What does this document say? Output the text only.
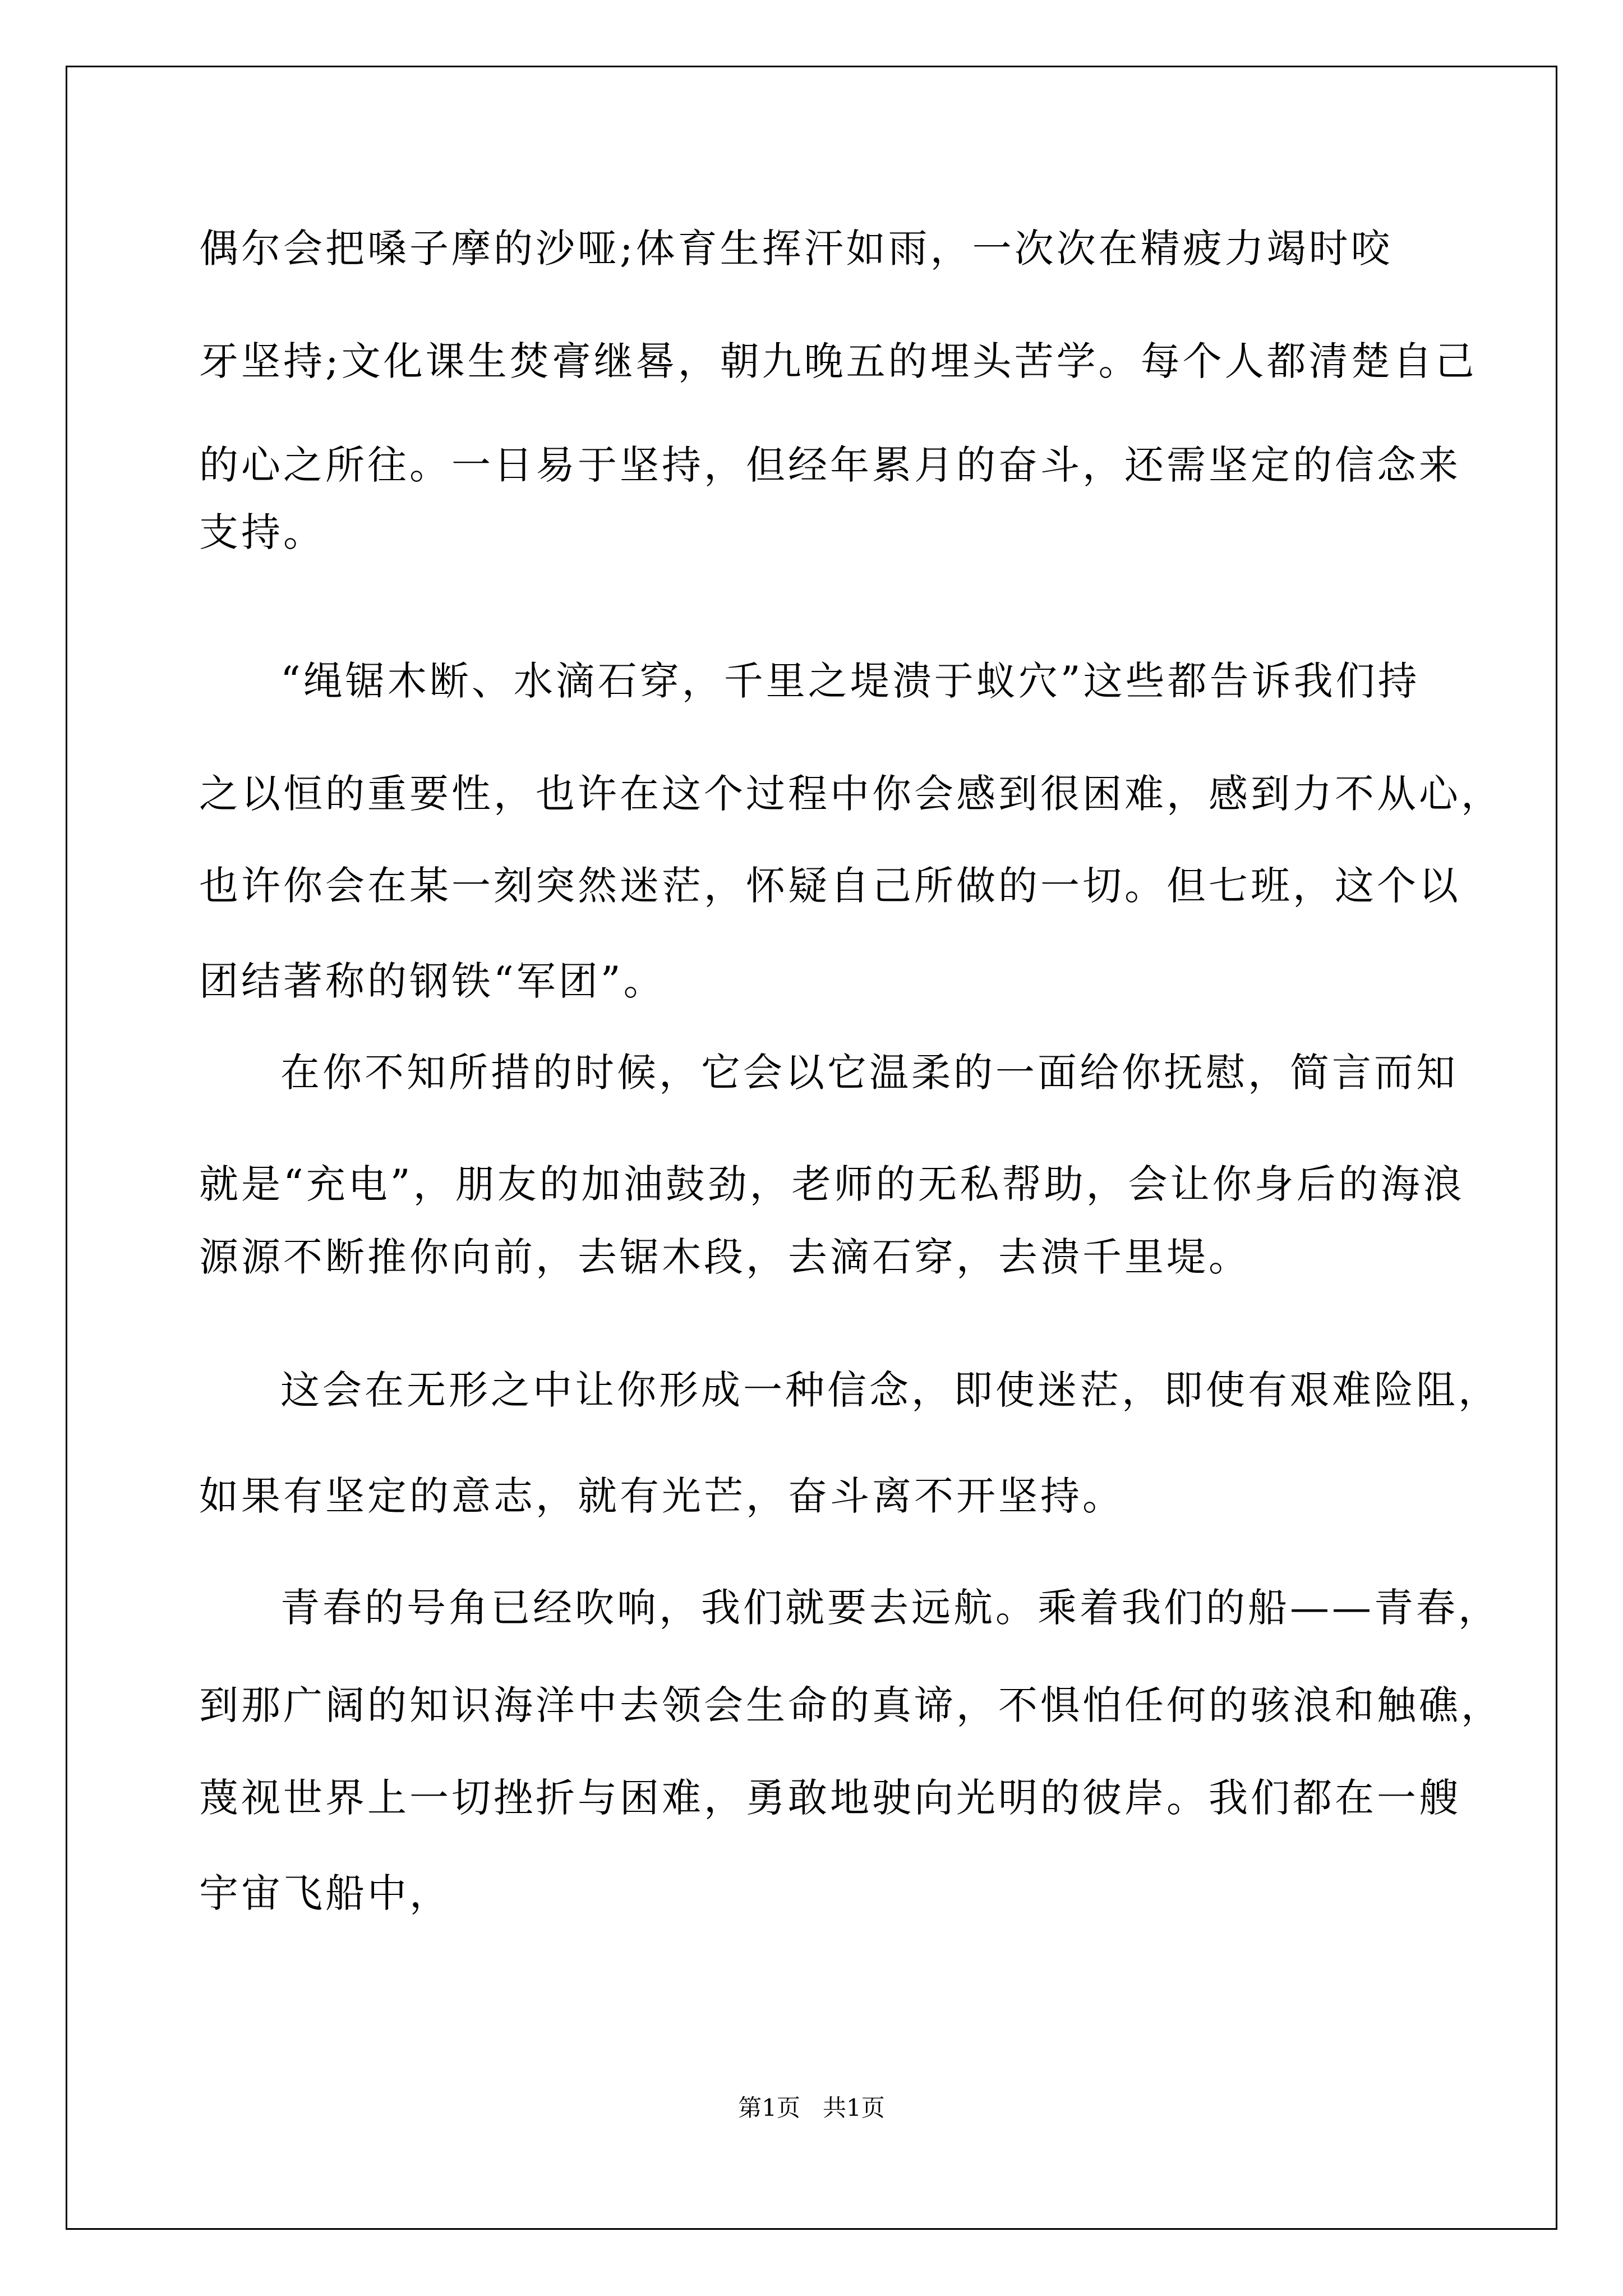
偶尔会把嗓子摩的沙哑;体育生挥汗如雨，一次次在精疲力竭时咬
牙坚持;文化课生焚膏继晷，朝九晚五的埋头苦学。每个人都清楚自己
的心之所往。一日易于坚持，但经年累月的奋斗，还需坚定的信念来
支持。
“绳锯木断、水滴石穿，千里之堤溃于蚁穴”这些都告诉我们持
之以恒的重要性，也许在这个过程中你会感到很困难，感到力不从心，
也许你会在某一刻突然迷茫，怀疑自己所做的一切。但七班，这个以
团结著称的钢铁“军团”。
在你不知所措的时候，它会以它温柔的一面给你抚慰，简言而知
就是“充电”，朋友的加油鼓劲，老师的无私帮助，会让你身后的海浪
源源不断推你向前，去锯木段，去滴石穿，去溃千里堤。
这会在无形之中让你形成一种信念，即使迷茫，即使有艰难险阻，
如果有坚定的意志，就有光芒，奋斗离不开坚持。
青春的号角已经吹响，我们就要去远航。乘着我们的船——青春，
到那广阔的知识海洋中去领会生命的真谛，不惧怕任何的骇浪和触礁，
蔑视世界上一切挫折与困难，勇敢地驶向光明的彼岸。我们都在一艘
宇宙飞船中，
第1页   共1页
